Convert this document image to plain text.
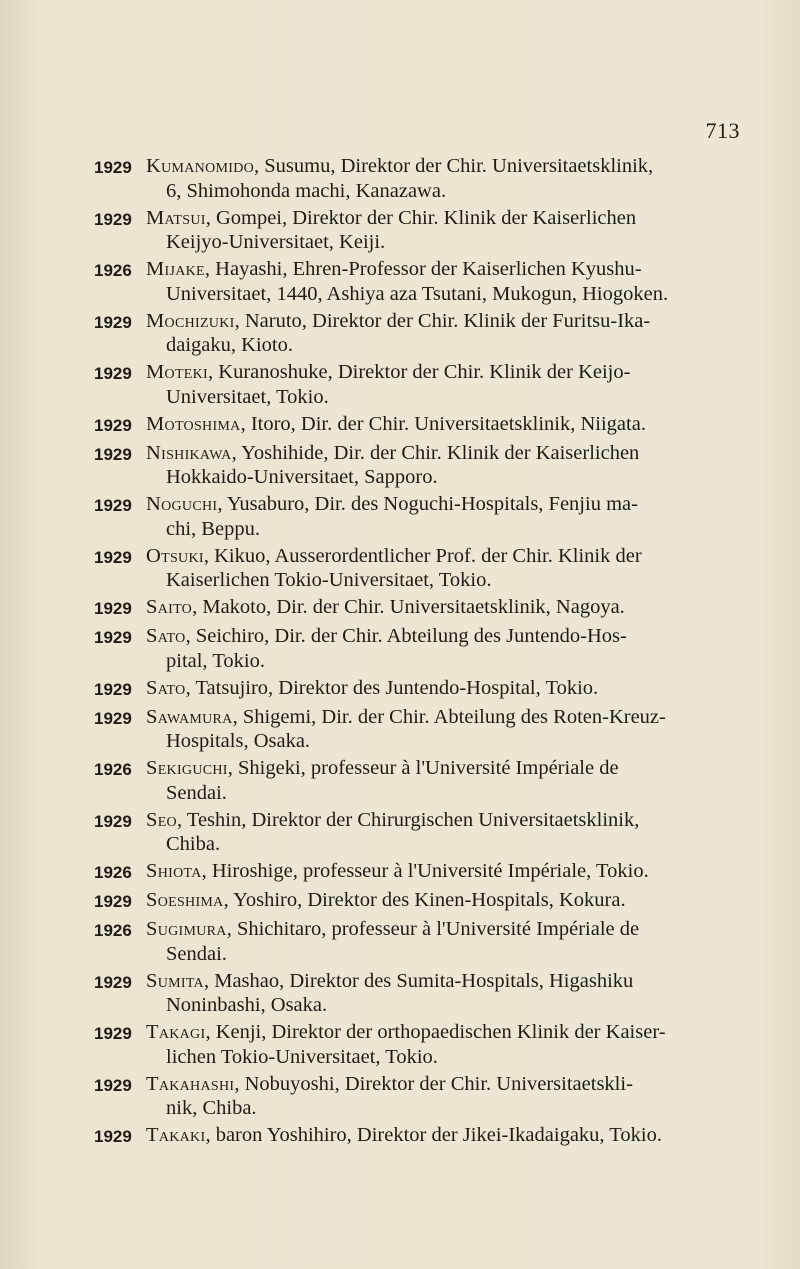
713
1929 Kumanomido, Susumu, Direktor der Chir. Universitaetsklinik,
6, Shimohonda machi, Kanazawa.
1929 Matsui, Gompei, Direktor der Chir. Klinik der Kaiserlichen
Keijyo-Universitaet, Keiji.
1926 Mijake, Hayashi, Ehren-Professor der Kaiserlichen Kyushu-
Universitaet, 1440, Ashiya aza Tsutani, Mukogun, Hiogoken.
1929 Mochizuki, Naruto, Direktor der Chir. Klinik der Furitsu-Ika-
daigaku, Kioto.
1929 Moteki, Kuranoshuke, Direktor der Chir. Klinik der Keijo-
Universitaet, Tokio.
1929 Motoshima, Itoro, Dir. der Chir. Universitaetsklinik, Niigata.
1929 Nishikawa, Yoshihide, Dir. der Chir. Klinik der Kaiserlichen
Hokkaido-Universitaet, Sapporo.
1929 Noguchi, Yusaburo, Dir. des Noguchi-Hospitals, Fenjiu ma-
chi, Beppu.
1929 Otsuki, Kikuo, Ausserordentlicher Prof. der Chir. Klinik der
Kaiserlichen Tokio-Universitaet, Tokio.
1929 Saito, Makoto, Dir. der Chir. Universitaetsklinik, Nagoya.
1929 Sato, Seichiro, Dir. der Chir. Abteilung des Juntendo-Hos-
pital, Tokio.
1929 Sato, Tatsujiro, Direktor des Juntendo-Hospital, Tokio.
1929 Sawamura, Shigemi, Dir. der Chir. Abteilung des Roten-Kreuz-
Hospitals, Osaka.
1926 Sekiguchi, Shigeki, professeur à l'Université Impériale de
Sendai.
1929 Seo, Teshin, Direktor der Chirurgischen Universitaetsklinik,
Chiba.
1926 Shiota, Hiroshige, professeur à l'Université Impériale, Tokio.
1929 Soeshima, Yoshiro, Direktor des Kinen-Hospitals, Kokura.
1926 Sugimura, Shichitaro, professeur à l'Université Impériale de
Sendai.
1929 Sumita, Mashao, Direktor des Sumita-Hospitals, Higashiku
Noninbashi, Osaka.
1929 Takagi, Kenji, Direktor der orthopaedischen Klinik der Kaiser-
lichen Tokio-Universitaet, Tokio.
1929 Takahashi, Nobuyoshi, Direktor der Chir. Universitaetskli-
nik, Chiba.
1929 Takaki, baron Yoshihiro, Direktor der Jikei-Ikadaigaku, Tokio.
